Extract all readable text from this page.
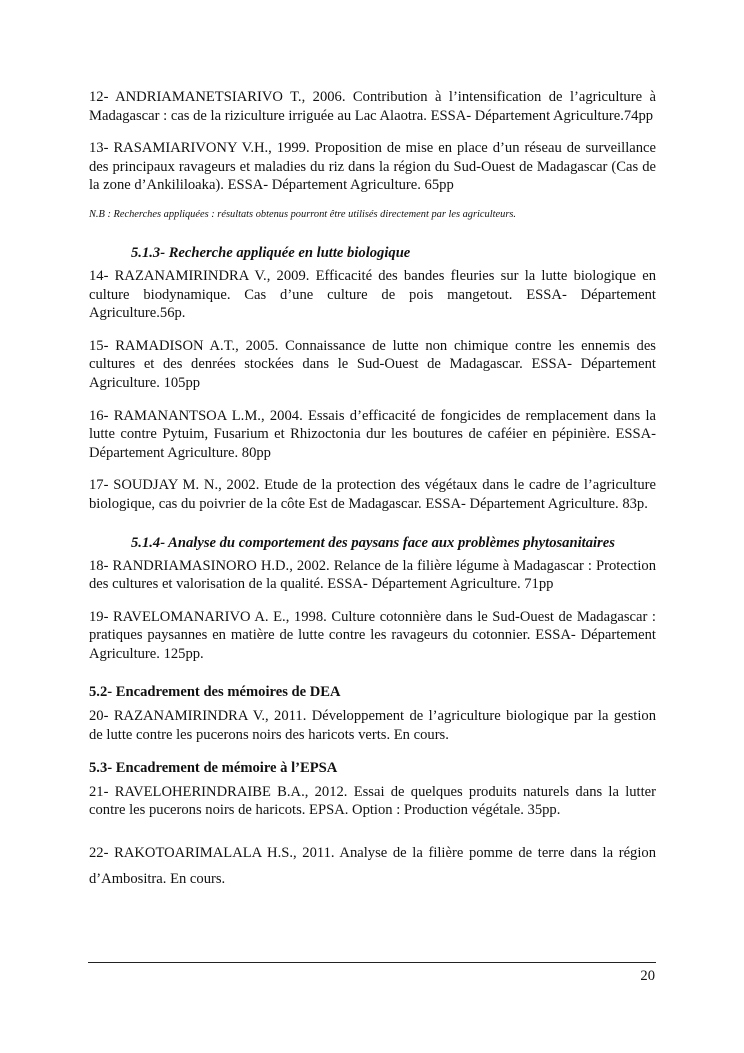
12- ANDRIAMANETSIARIVO T., 2006. Contribution à l’intensification de l’agriculture à Madagascar : cas de la riziculture irriguée au Lac Alaotra. ESSA- Département Agriculture.74pp

13- RASAMIARIVONY V.H., 1999. Proposition de mise en place d’un réseau de surveillance des principaux ravageurs et maladies du riz dans la région du Sud-Ouest de Madagascar (Cas de la zone d’Ankililoaka). ESSA- Département Agriculture. 65pp

N.B : Recherches appliquées : résultats obtenus pourront être utilisés directement par les agriculteurs.

5.1.3- Recherche appliquée en lutte biologique

14- RAZANAMIRINDRA V., 2009. Efficacité des bandes fleuries sur la lutte biologique en culture biodynamique. Cas d’une culture de pois mangetout. ESSA- Département Agriculture.56p.

15- RAMADISON A.T., 2005. Connaissance de lutte non chimique contre les ennemis des cultures et des denrées stockées dans le Sud-Ouest de Madagascar. ESSA- Département Agriculture. 105pp

16- RAMANANTSOA L.M., 2004. Essais d’efficacité de fongicides de remplacement dans la lutte contre Pytuim, Fusarium et Rhizoctonia dur les boutures de caféier en pépinière. ESSA- Département Agriculture. 80pp

17- SOUDJAY M. N., 2002. Etude de la protection des végétaux dans le cadre de l’agriculture biologique, cas du poivrier de la côte Est de Madagascar. ESSA- Département Agriculture. 83p.

5.1.4- Analyse du comportement des paysans face aux problèmes phytosanitaires

18- RANDRIAMASINORO H.D., 2002. Relance de la filière légume à Madagascar : Protection des cultures et valorisation de la qualité. ESSA- Département Agriculture. 71pp

19- RAVELOMANARIVO A. E., 1998. Culture cotonnière dans le Sud-Ouest de Madagascar : pratiques paysannes en matière de lutte contre les ravageurs du cotonnier. ESSA- Département Agriculture. 125pp.

5.2- Encadrement des mémoires de DEA

20- RAZANAMIRINDRA V., 2011. Développement de l’agriculture biologique par la gestion de lutte contre les pucerons noirs des haricots verts. En cours.

5.3- Encadrement de mémoire à l’EPSA

21- RAVELOHERINDRAIBE B.A., 2012. Essai de quelques produits naturels dans la lutter contre les pucerons noirs de haricots. EPSA. Option : Production végétale. 35pp.

22- RAKOTOARIMALALA H.S., 2011. Analyse de la filière pomme de terre dans la région d’Ambositra. En cours.

20
